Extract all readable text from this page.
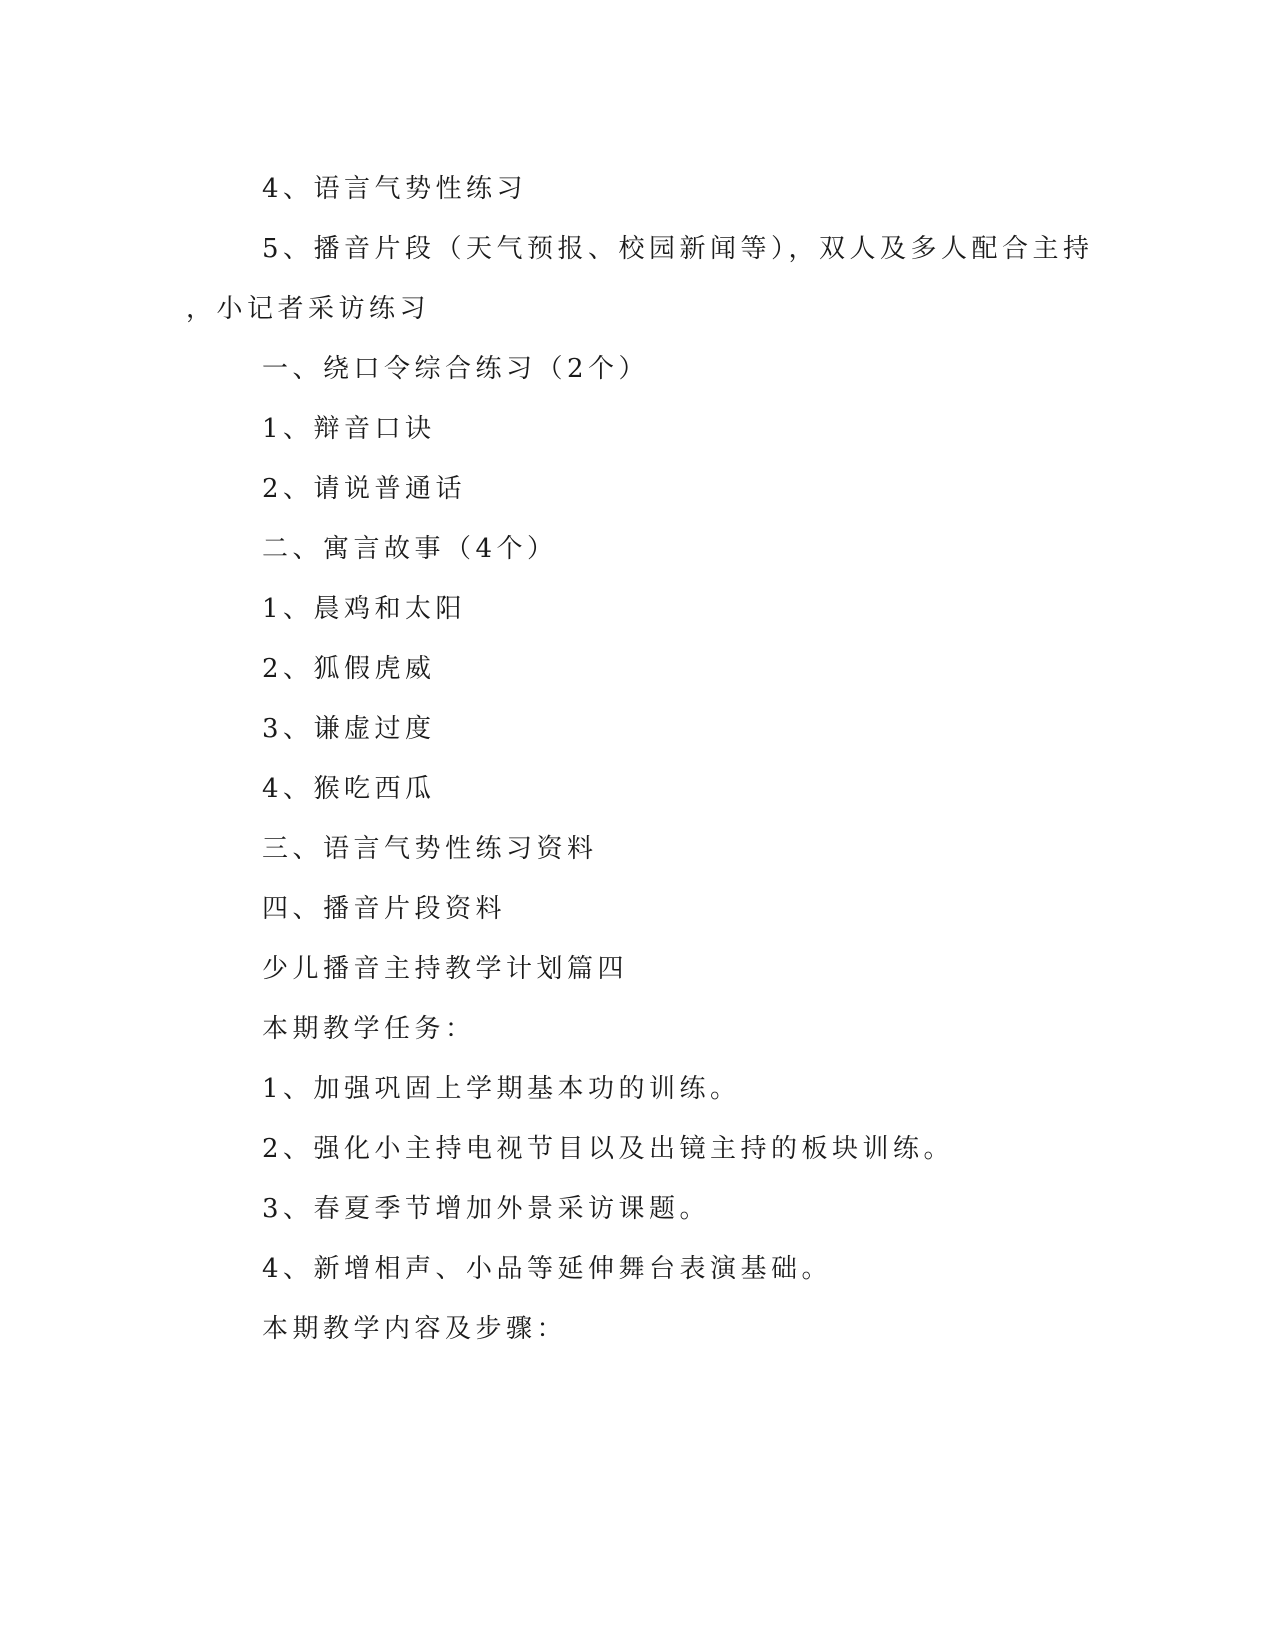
4、语言气势性练习
5、播音片段（天气预报、校园新闻等），双人及多人配合主持
，小记者采访练习
一、绕口令综合练习（2个）
1、辩音口诀
2、请说普通话
二、寓言故事（4个）
1、晨鸡和太阳
2、狐假虎威
3、谦虚过度
4、猴吃西瓜
三、语言气势性练习资料
四、播音片段资料
少儿播音主持教学计划篇四
本期教学任务：
1、加强巩固上学期基本功的训练。
2、强化小主持电视节目以及出镜主持的板块训练。
3、春夏季节增加外景采访课题。
4、新增相声、小品等延伸舞台表演基础。
本期教学内容及步骤：
